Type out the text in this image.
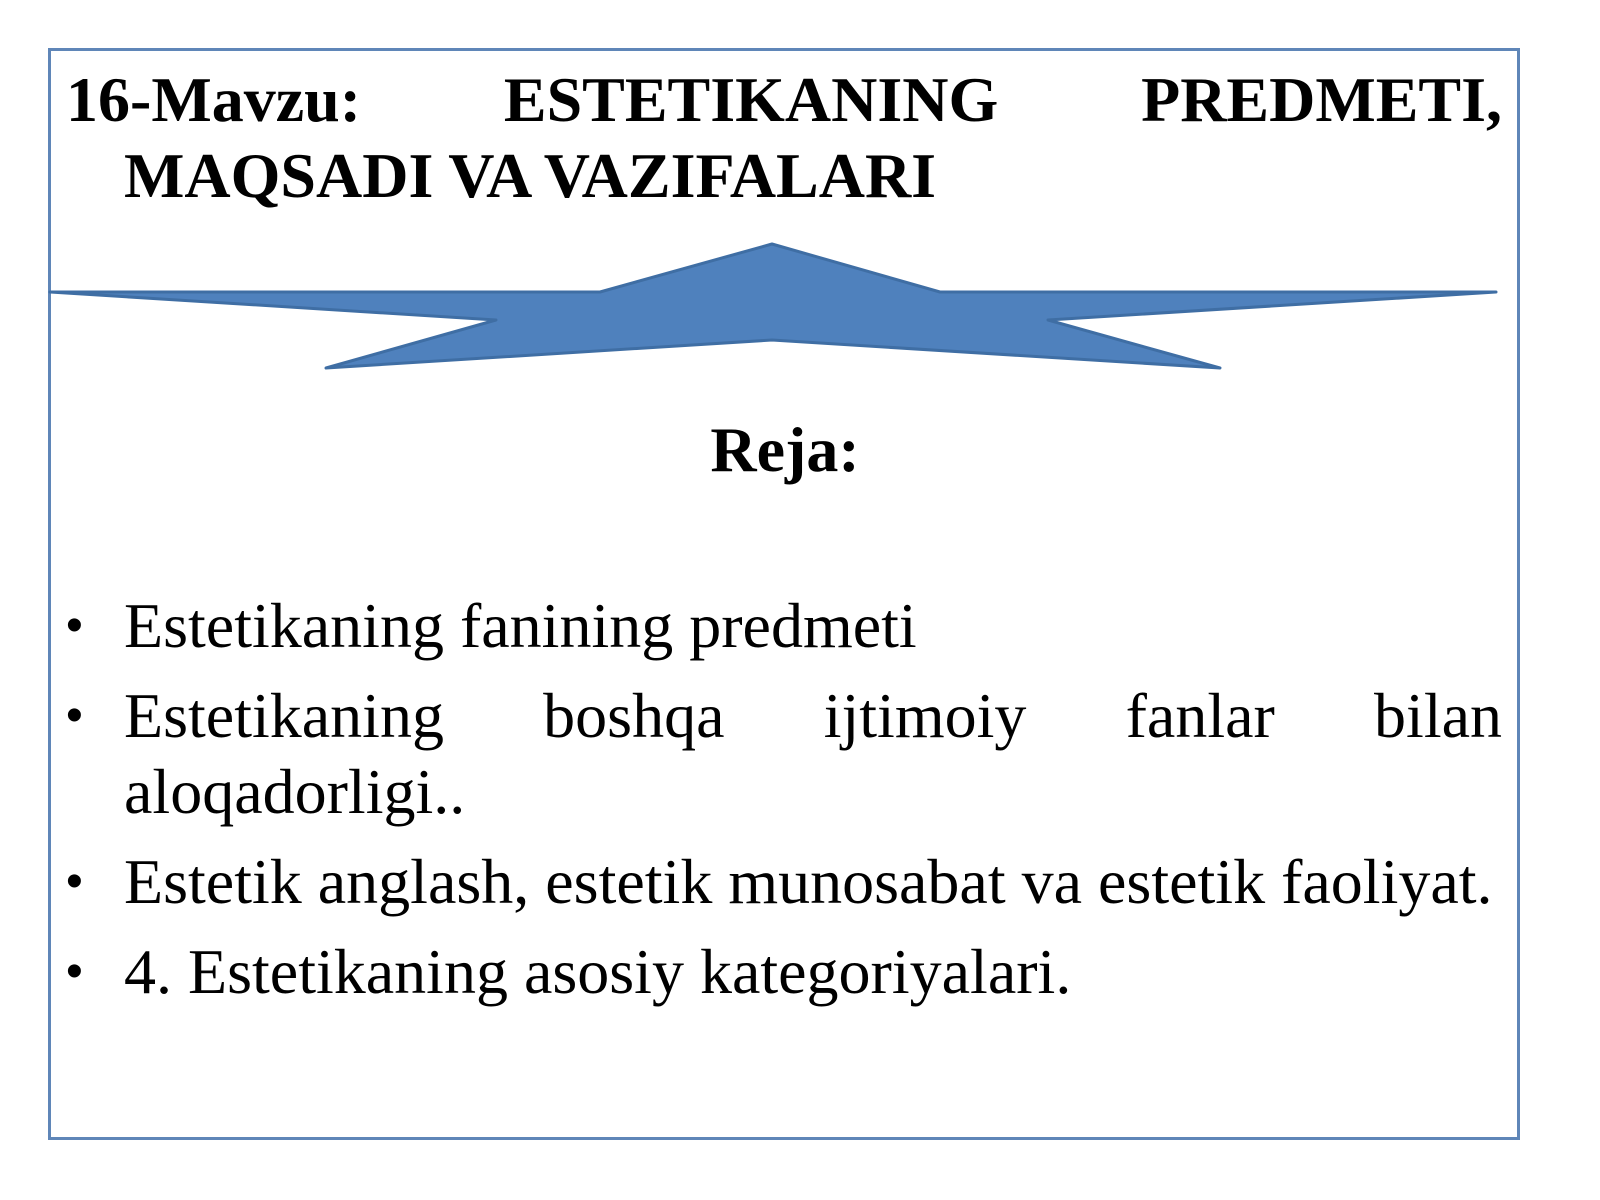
16-Mavzu: ESTETIKANING PREDMETI, MAQSADI VA VAZIFALARI
Reja:
• Estetikaning fanining predmeti
• Estetikaning boshqa ijtimoiy fanlar bilan aloqadorligi..
• Estetik anglash, estetik munosabat va estetik faoliyat.
• 4. Estetikaning asosiy kategoriyalari.
